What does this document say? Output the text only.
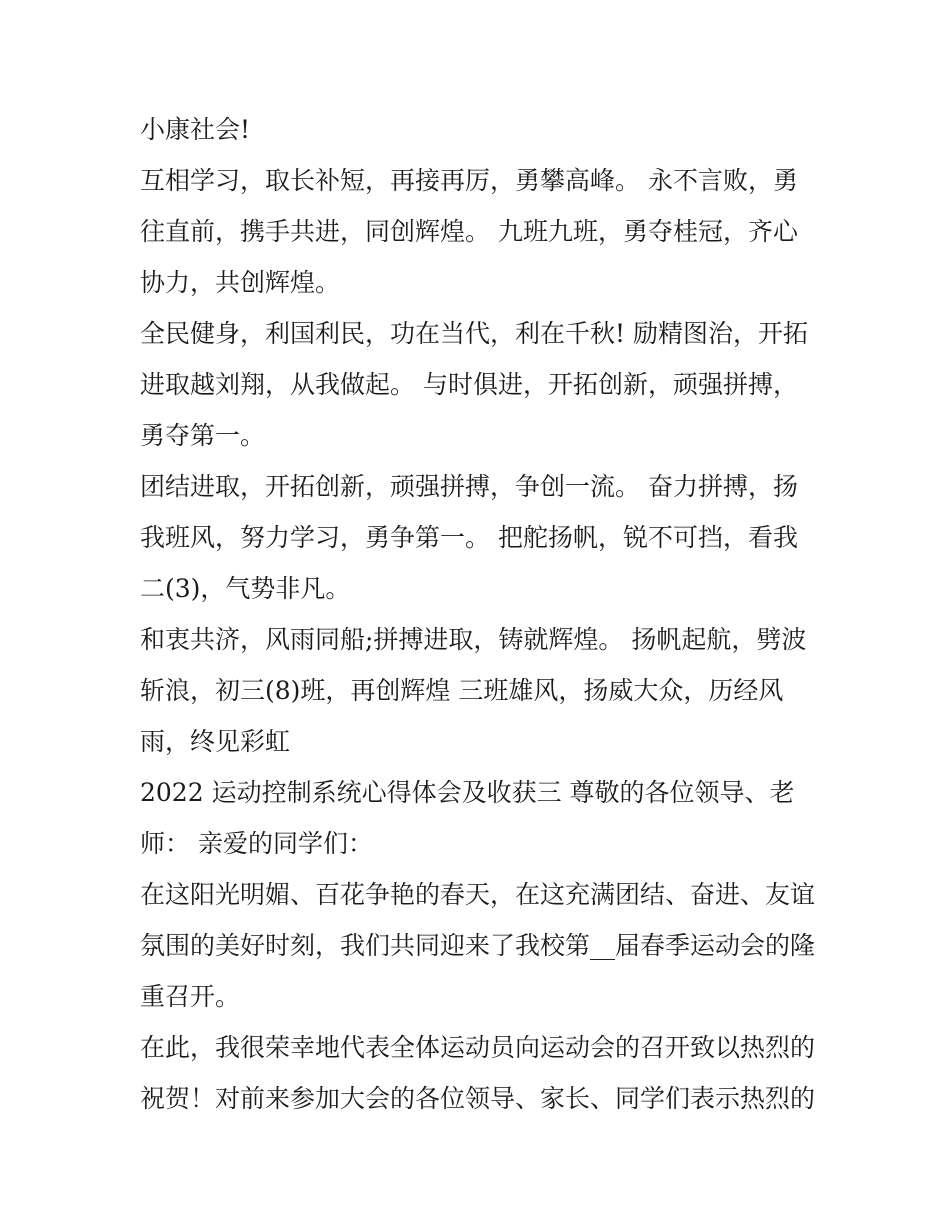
小康社会!

互相学习，取长补短，再接再厉，勇攀高峰。 永不言败，勇
往直前，携手共进，同创辉煌。 九班九班，勇夺桂冠，齐心
协力，共创辉煌。

全民健身，利国利民，功在当代，利在千秋! 励精图治，开拓
进取越刘翔，从我做起。 与时俱进，开拓创新，顽强拼搏，
勇夺第一。

团结进取，开拓创新，顽强拼搏，争创一流。 奋力拼搏，扬
我班风，努力学习，勇争第一。 把舵扬帆，锐不可挡，看我
二(3)，气势非凡。

和衷共济，风雨同船;拼搏进取，铸就辉煌。 扬帆起航，劈波
斩浪，初三(8)班，再创辉煌 三班雄风，扬威大众，历经风
雨，终见彩虹

2022 运动控制系统心得体会及收获三 尊敬的各位领导、老
师： 亲爱的同学们：

在这阳光明媚、百花争艳的春天，在这充满团结、奋进、友谊
氛围的美好时刻，我们共同迎来了我校第__届春季运动会的隆
重召开。

在此，我很荣幸地代表全体运动员向运动会的召开致以热烈的
祝贺！对前来参加大会的各位领导、家长、同学们表示热烈的
